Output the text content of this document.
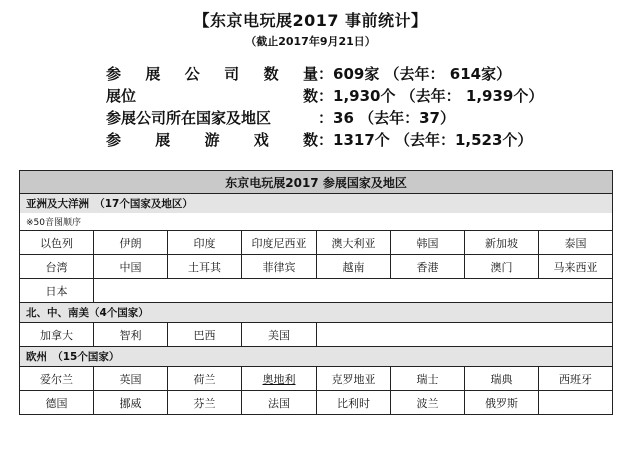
【东京电玩展2017 事前统计】
（截止2017年9月21日）
参 展 公 司 数 量 ： 609家 （去年： 614家）
展 位	数 ： 1,930个 （去年： 1,939个）
参展公司所在国家及地区	： 36 （去年：37）
参 展 游 戏 数 ： 1317个 （去年：1,523个）
东京电玩展2017 参展国家及地区							
亚洲及大洋洲　（17个国家及地区）							
※50音图顺序							
以色列	伊朗	印度	印度尼西亚	澳大利亚	韩国	新加坡	泰国
台湾	中国	土耳其	菲律宾	越南	香港	澳门	马来西亚
日本							
北、中、南美（4个国家）							
加拿大	智利	巴西	美国				
欧州　（15个国家）							
爱尔兰	英国	荷兰	奥地利	克罗地亚	瑞士	瑞典	西班牙
德国	挪威	芬兰	法国	比利时	波兰	俄罗斯	
